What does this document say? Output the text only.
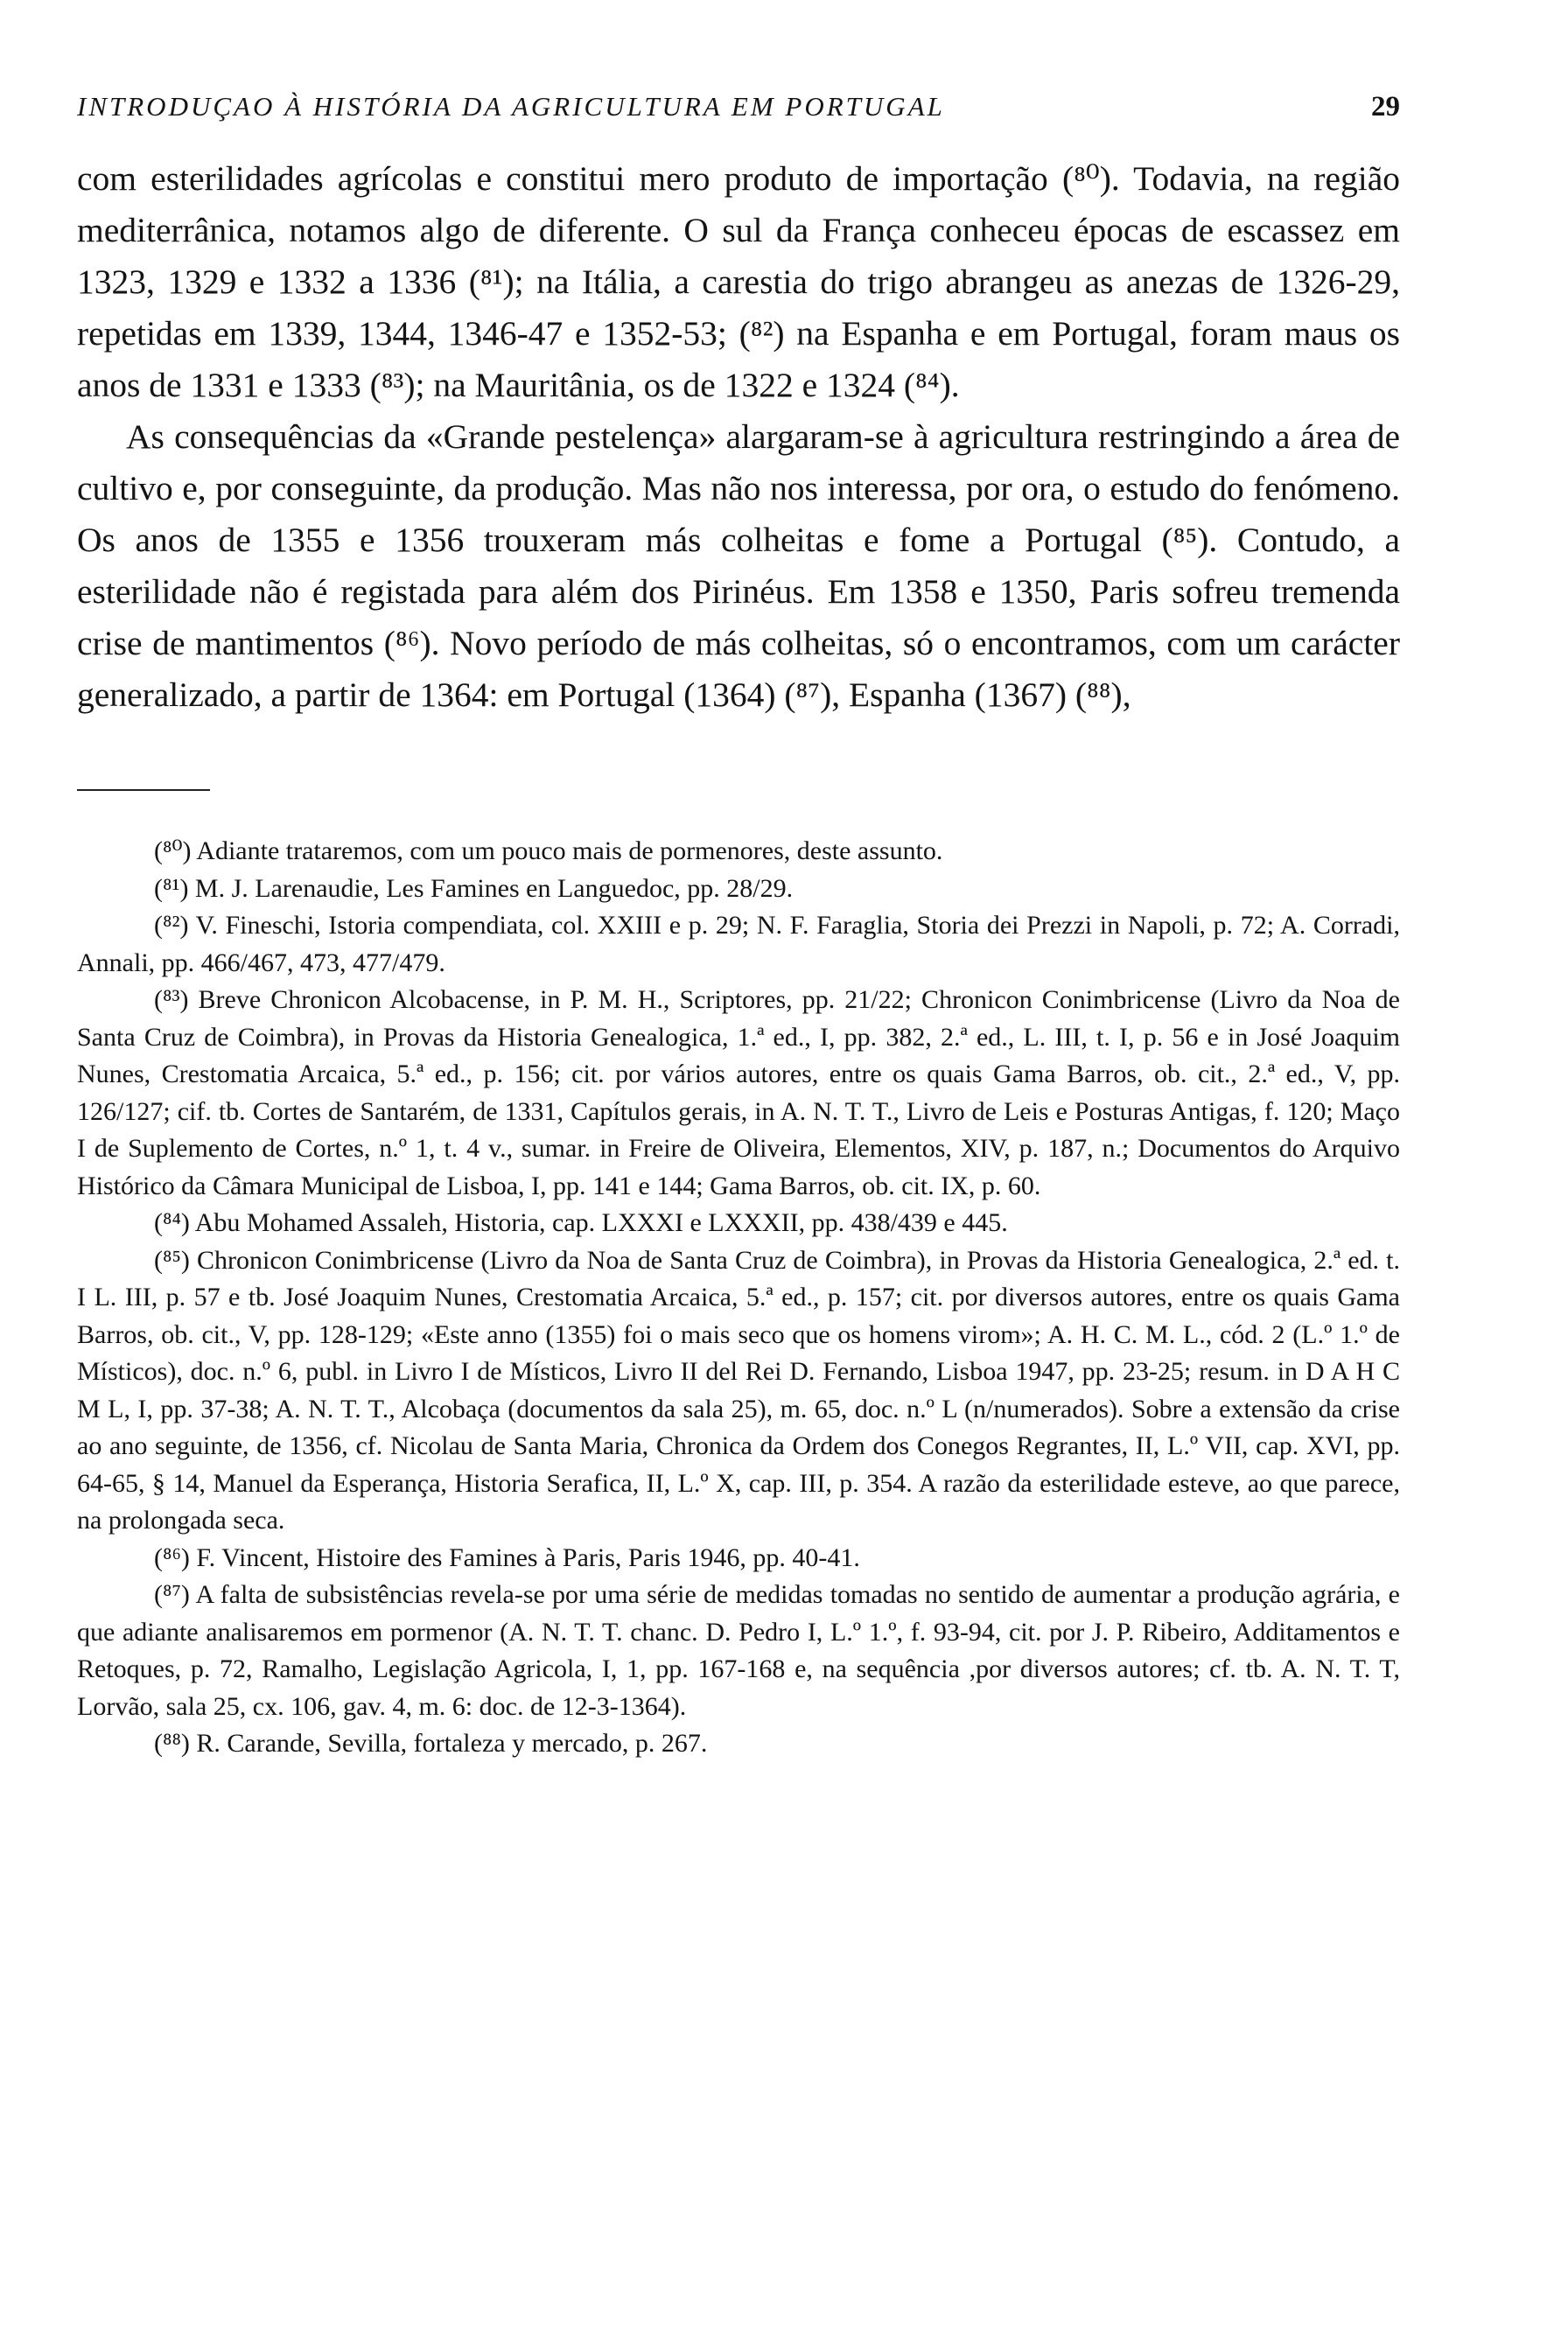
INTRODUÇAO À HISTÓRIA DA AGRICULTURA EM PORTUGAL	29

com esterilidades agrícolas e constitui mero produto de importação (⁸⁰). Todavia, na região mediterrânica, notamos algo de diferente. O sul da França conheceu épocas de escassez em 1323, 1329 e 1332 a 1336 (⁸¹); na Itália, a carestia do trigo abrangeu as anezas de 1326-29, repetidas em 1339, 1344, 1346-47 e 1352-53; (⁸²) na Espanha e em Portugal, foram maus os anos de 1331 e 1333 (⁸³); na Mauritânia, os de 1322 e 1324 (⁸⁴).

As consequências da «Grande pestelença» alargaram-se à agricultura restringindo a área de cultivo e, por conseguinte, da produção. Mas não nos interessa, por ora, o estudo do fenómeno. Os anos de 1355 e 1356 trouxeram más colheitas e fome a Portugal (⁸⁵). Contudo, a esterilidade não é registada para além dos Pirinéus. Em 1358 e 1350, Paris sofreu tremenda crise de mantimentos (⁸⁶). Novo período de más colheitas, só o encontramos, com um carácter generalizado, a partir de 1364: em Portugal (1364) (⁸⁷), Espanha (1367) (⁸⁸),

(⁸⁰) Adiante trataremos, com um pouco mais de pormenores, deste assunto.

(⁸¹) M. J. Larenaudie, Les Famines en Languedoc, pp. 28/29.

(⁸²) V. Fineschi, Istoria compendiata, col. XXIII e p. 29; N. F. Faraglia, Storia dei Prezzi in Napoli, p. 72; A. Corradi, Annali, pp. 466/467, 473, 477/479.

(⁸³) Breve Chronicon Alcobacense, in P. M. H., Scriptores, pp. 21/22; Chronicon Conimbricense (Livro da Noa de Santa Cruz de Coimbra), in Provas da Historia Genealogica, 1.ª ed., I, pp. 382, 2.ª ed., L. III, t. I, p. 56 e in José Joaquim Nunes, Crestomatia Arcaica, 5.ª ed., p. 156; cit. por vários autores, entre os quais Gama Barros, ob. cit., 2.ª ed., V, pp. 126/127; cif. tb. Cortes de Santarém, de 1331, Capítulos gerais, in A. N. T. T., Livro de Leis e Posturas Antigas, f. 120; Maço I de Suplemento de Cortes, n.º 1, t. 4 v., sumar. in Freire de Oliveira, Elementos, XIV, p. 187, n.; Documentos do Arquivo Histórico da Câmara Municipal de Lisboa, I, pp. 141 e 144; Gama Barros, ob. cit. IX, p. 60.

(⁸⁴) Abu Mohamed Assaleh, Historia, cap. LXXXI e LXXXII, pp. 438/439 e 445.

(⁸⁵) Chronicon Conimbricense (Livro da Noa de Santa Cruz de Coimbra), in Provas da Historia Genealogica, 2.ª ed. t. I L. III, p. 57 e tb. José Joaquim Nunes, Crestomatia Arcaica, 5.ª ed., p. 157; cit. por diversos autores, entre os quais Gama Barros, ob. cit., V, pp. 128-129; «Este anno (1355) foi o mais seco que os homens virom»; A. H. C. M. L., cód. 2 (L.º 1.º de Místicos), doc. n.º 6, publ. in Livro I de Místicos, Livro II del Rei D. Fernando, Lisboa 1947, pp. 23-25; resum. in D A H C M L, I, pp. 37-38; A. N. T. T., Alcobaça (documentos da sala 25), m. 65, doc. n.º L (n/numerados). Sobre a extensão da crise ao ano seguinte, de 1356, cf. Nicolau de Santa Maria, Chronica da Ordem dos Conegos Regrantes, II, L.º VII, cap. XVI, pp. 64-65, § 14, Manuel da Esperança, Historia Serafica, II, L.º X, cap. III, p. 354. A razão da esterilidade esteve, ao que parece, na prolongada seca.

(⁸⁶) F. Vincent, Histoire des Famines à Paris, Paris 1946, pp. 40-41.

(⁸⁷) A falta de subsistências revela-se por uma série de medidas tomadas no sentido de aumentar a produção agrária, e que adiante analisaremos em pormenor (A. N. T. T. chanc. D. Pedro I, L.º 1.º, f. 93-94, cit. por J. P. Ribeiro, Additamentos e Retoques, p. 72, Ramalho, Legislação Agricola, I, 1, pp. 167-168 e, na sequência ,por diversos autores; cf. tb. A. N. T. T, Lorvão, sala 25, cx. 106, gav. 4, m. 6: doc. de 12-3-1364).

(⁸⁸) R. Carande, Sevilla, fortaleza y mercado, p. 267.
